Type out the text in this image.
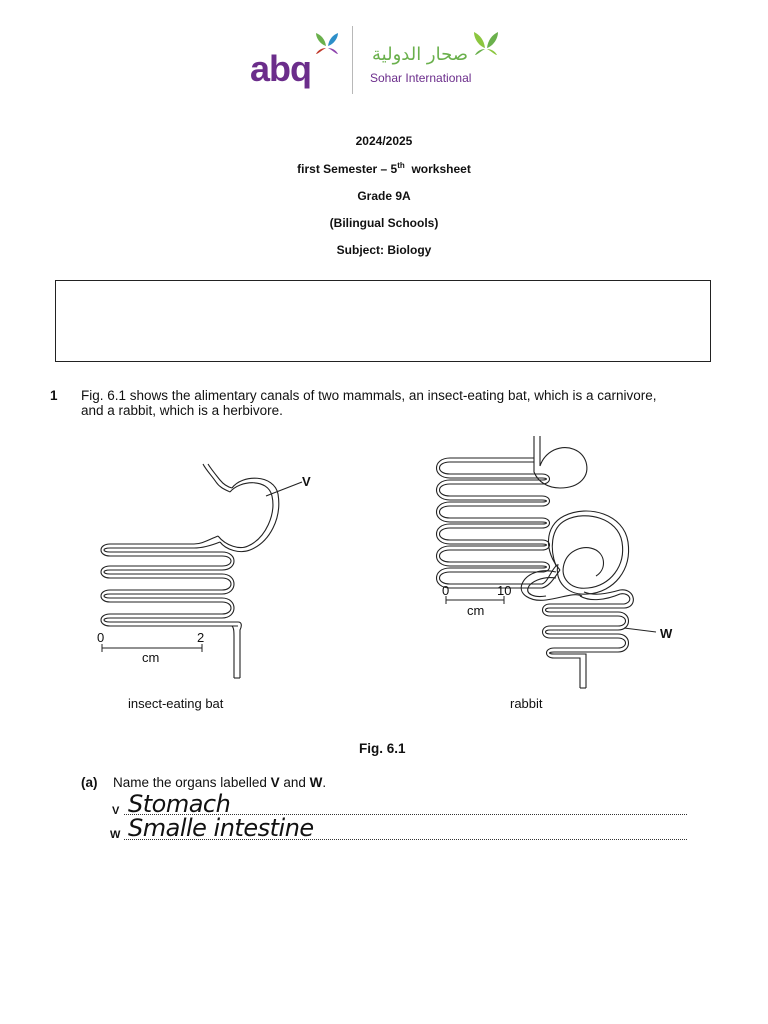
abq	صحار الدولية
Sohar International
2024/2025
first Semester – 5th  worksheet
Grade 9A
(Bilingual Schools)
Subject: Biology
1 Fig. 6.1 shows the alimentary canals of two mammals, an insect-eating bat, which is a carnivore,
and a rabbit, which is a herbivore.
0	2
cm
V
insect-eating bat
0	10
cm
W
rabbit
Fig. 6.1
(a) Name the organs labelled V and W.
V Stomach
W Smalle intestine
